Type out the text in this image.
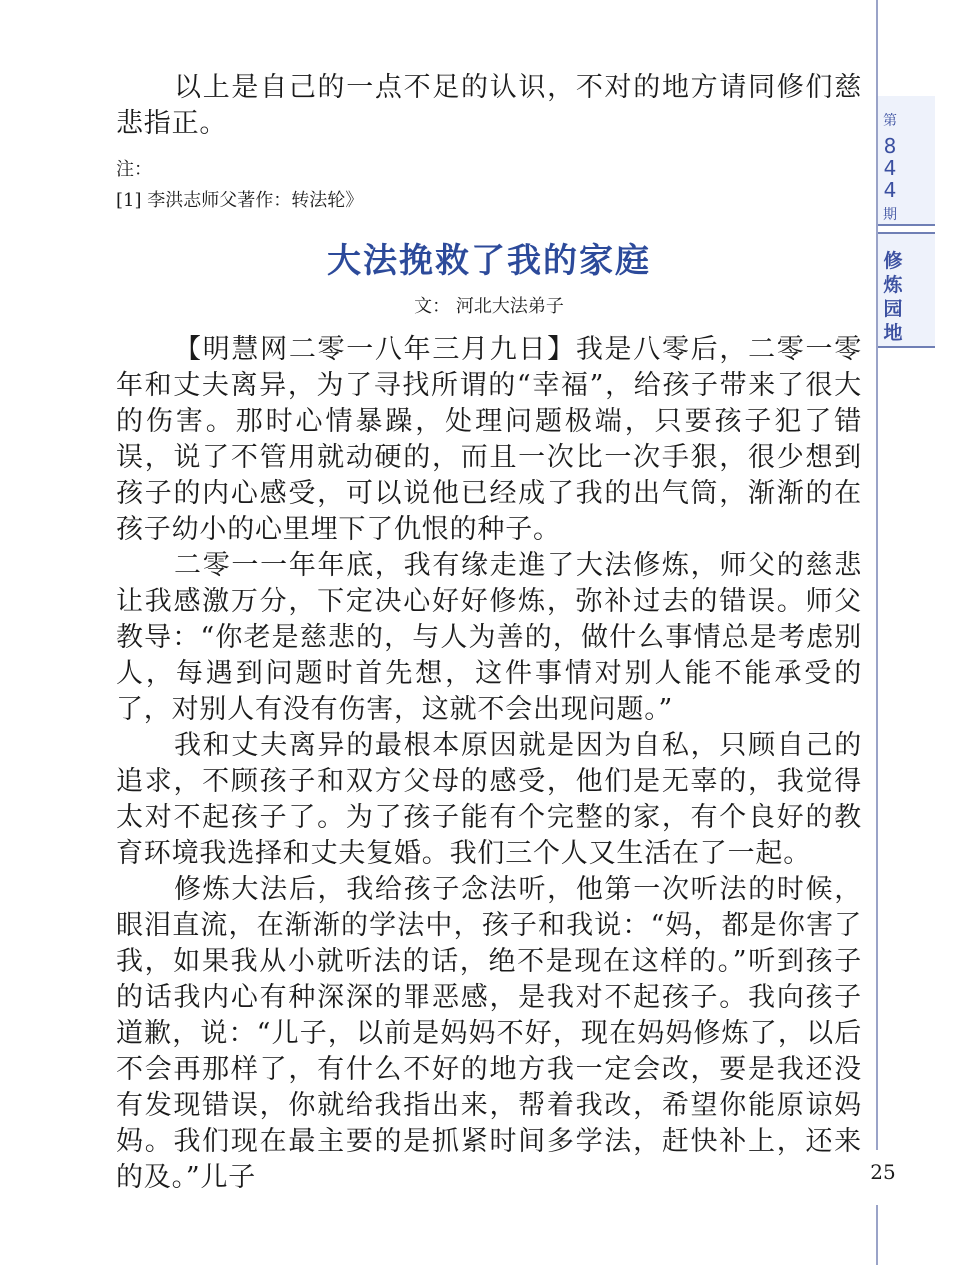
第
8
4
4
期
修
炼
园
地

以上是自己的一点不足的认识，不对的地方请同修们慈悲指正。

注：

[1] 李洪志师父著作：转法轮》

大法挽救了我的家庭
文： 河北大法弟子

【明慧网二零一八年三月九日】我是八零后，二零一零年和丈夫离异，为了寻找所谓的“幸福”，给孩子带来了很大的伤害。那时心情暴躁，处理问题极端，只要孩子犯了错误，说了不管用就动硬的，而且一次比一次手狠，很少想到孩子的内心感受，可以说他已经成了我的出气筒，渐渐的在孩子幼小的心里埋下了仇恨的种子。

二零一一年年底，我有缘走進了大法修炼，师父的慈悲让我感激万分，下定决心好好修炼，弥补过去的错误。师父教导：“你老是慈悲的，与人为善的，做什么事情总是考虑别人，每遇到问题时首先想，这件事情对别人能不能承受的了，对别人有没有伤害，这就不会出现问题。”

我和丈夫离异的最根本原因就是因为自私，只顾自己的追求，不顾孩子和双方父母的感受，他们是无辜的，我觉得太对不起孩子了。为了孩子能有个完整的家，有个良好的教育环境我选择和丈夫复婚。我们三个人又生活在了一起。

修炼大法后，我给孩子念法听，他第一次听法的时候，眼泪直流，在渐渐的学法中，孩子和我说：“妈，都是你害了我，如果我从小就听法的话，绝不是现在这样的。”听到孩子的话我内心有种深深的罪恶感，是我对不起孩子。我向孩子道歉，说：“儿子，以前是妈妈不好，现在妈妈修炼了，以后不会再那样了，有什么不好的地方我一定会改，要是我还没有发现错误，你就给我指出来，帮着我改，希望你能原谅妈妈。我们现在最主要的是抓紧时间多学法，赶快补上，还来的及。”儿子	25
